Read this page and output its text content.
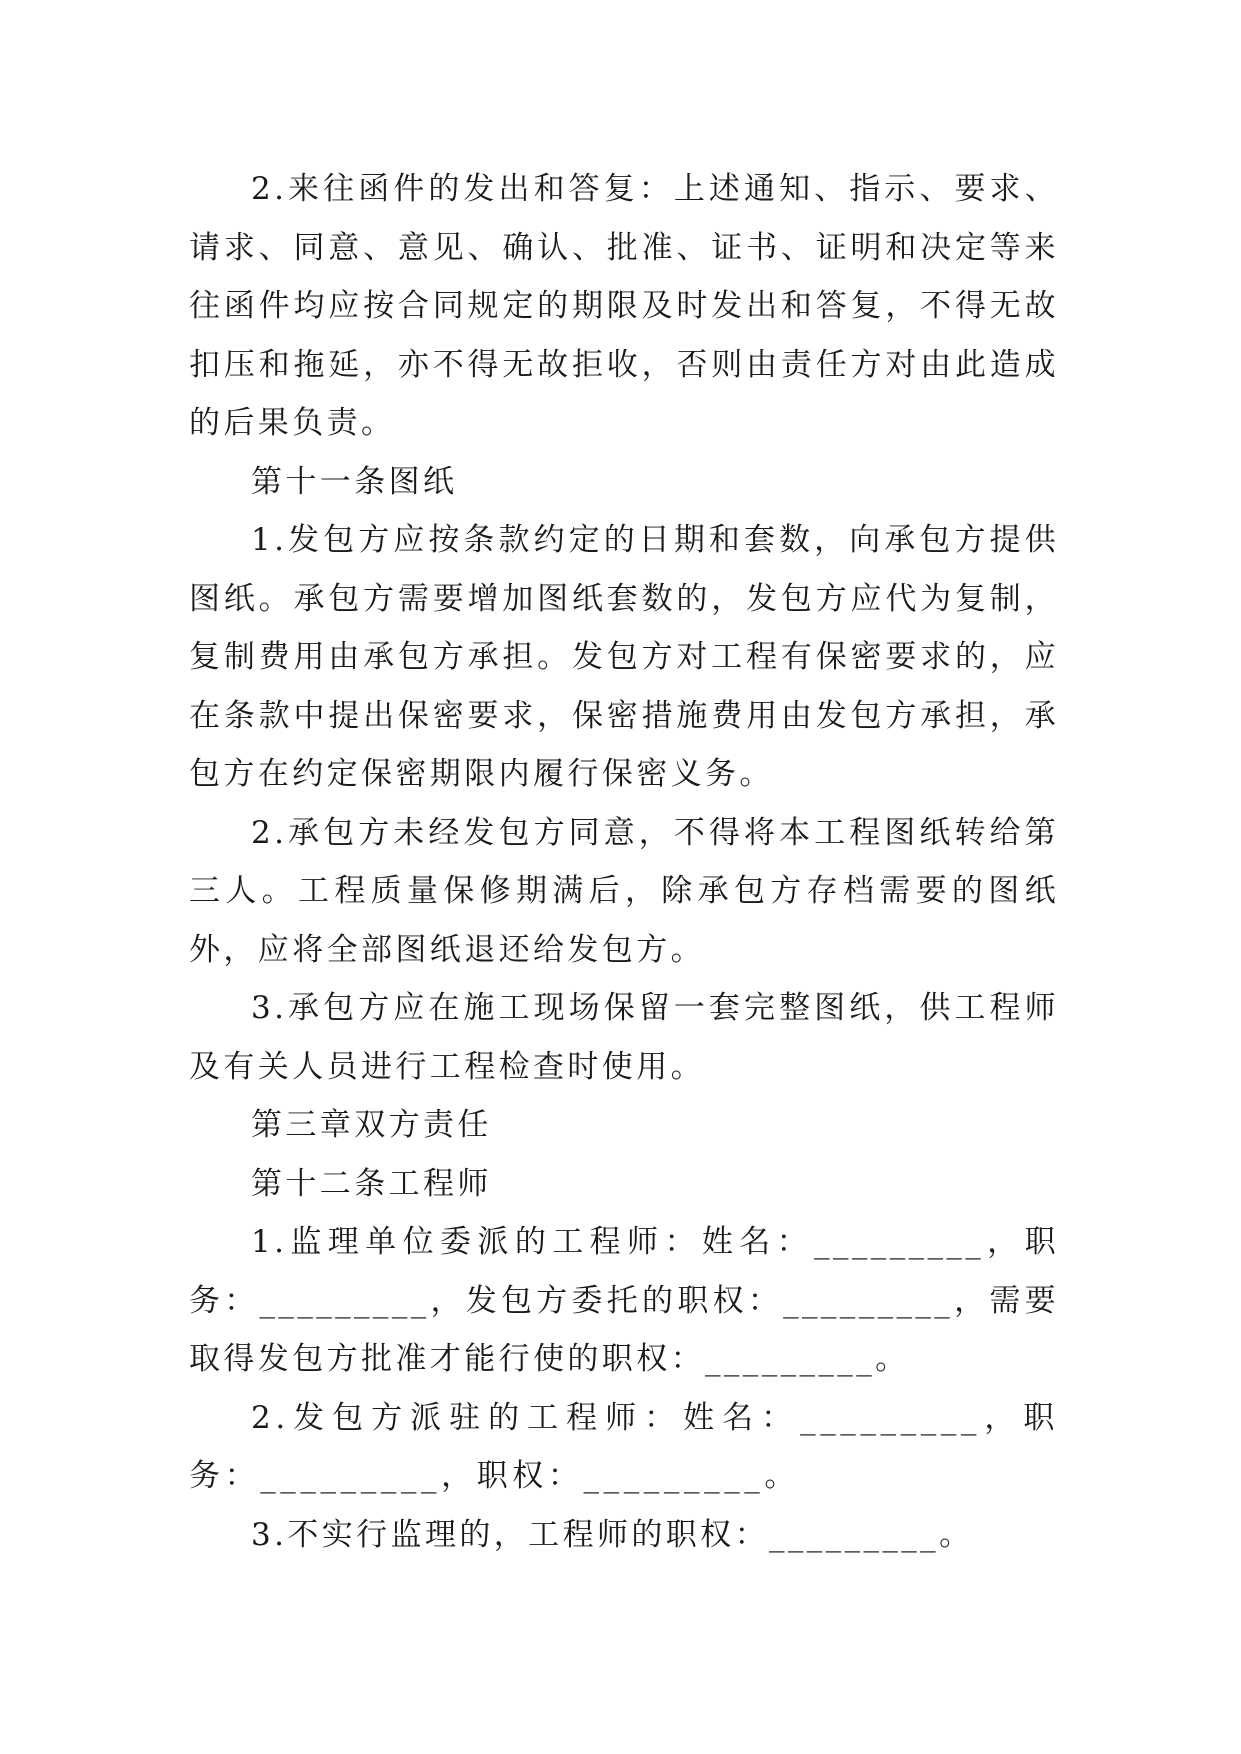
2.来往函件的发出和答复：上述通知、指示、要求、请求、同意、意见、确认、批准、证书、证明和决定等来往函件均应按合同规定的期限及时发出和答复，不得无故扣压和拖延，亦不得无故拒收，否则由责任方对由此造成的后果负责。

第十一条图纸

1.发包方应按条款约定的日期和套数，向承包方提供图纸。承包方需要增加图纸套数的，发包方应代为复制，复制费用由承包方承担。发包方对工程有保密要求的，应在条款中提出保密要求，保密措施费用由发包方承担，承包方在约定保密期限内履行保密义务。

2.承包方未经发包方同意，不得将本工程图纸转给第三人。工程质量保修期满后，除承包方存档需要的图纸外，应将全部图纸退还给发包方。

3.承包方应在施工现场保留一套完整图纸，供工程师及有关人员进行工程检查时使用。

第三章双方责任

第十二条工程师

1.监理单位委派的工程师：姓名：_________，职务：_________，发包方委托的职权：_________，需要取得发包方批准才能行使的职权：_________。

2.发包方派驻的工程师：姓名：_________，职务：_________，职权：_________。

3.不实行监理的，工程师的职权：_________。
